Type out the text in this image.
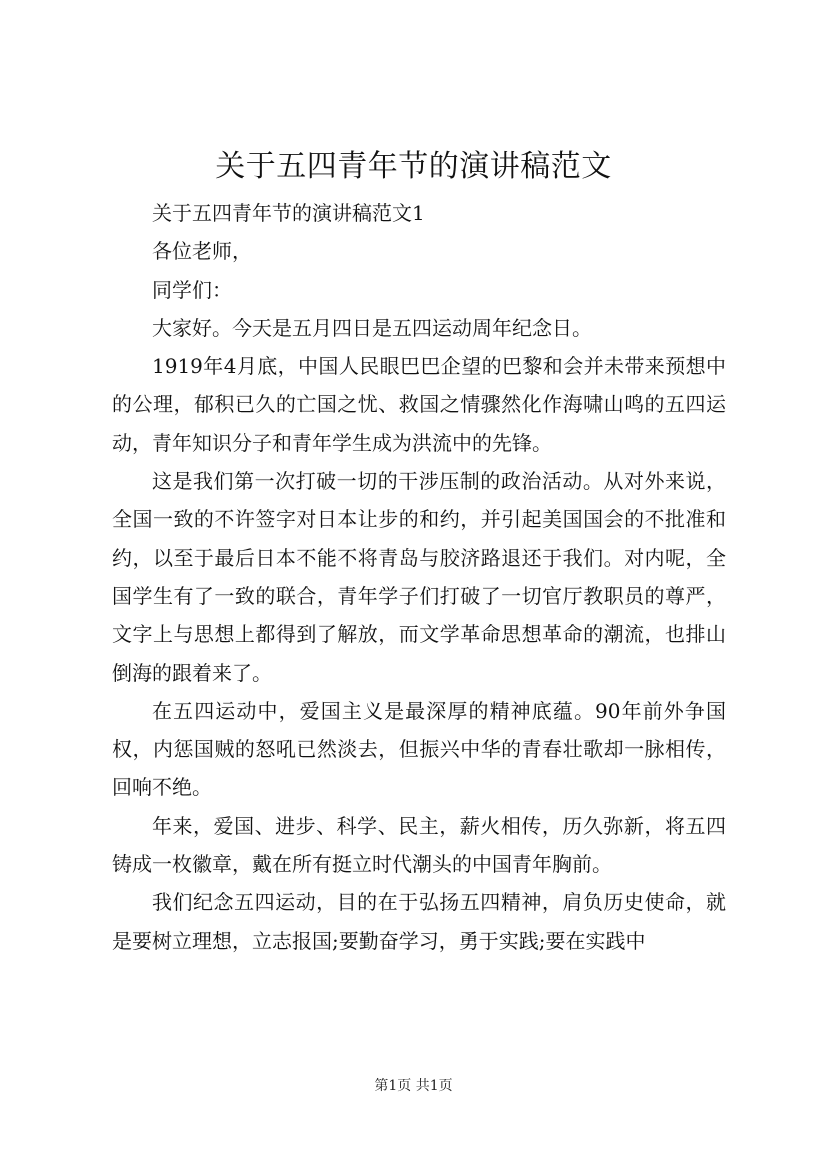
关于五四青年节的演讲稿范文

关于五四青年节的演讲稿范文1

各位老师，

同学们：

大家好。今天是五月四日是五四运动周年纪念日。

1919年4月底，中国人民眼巴巴企望的巴黎和会并未带来预想中的公理，郁积已久的亡国之忧、救国之情骤然化作海啸山鸣的五四运动，青年知识分子和青年学生成为洪流中的先锋。

这是我们第一次打破一切的干涉压制的政治活动。从对外来说，全国一致的不许签字对日本让步的和约，并引起美国国会的不批准和约，以至于最后日本不能不将青岛与胶济路退还于我们。对内呢，全国学生有了一致的联合，青年学子们打破了一切官厅教职员的尊严，文字上与思想上都得到了解放，而文学革命思想革命的潮流，也排山倒海的跟着来了。

在五四运动中，爱国主义是最深厚的精神底蕴。90年前外争国权，内惩国贼的怒吼已然淡去，但振兴中华的青春壮歌却一脉相传，回响不绝。

年来，爱国、进步、科学、民主，薪火相传，历久弥新，将五四铸成一枚徽章，戴在所有挺立时代潮头的中国青年胸前。

我们纪念五四运动，目的在于弘扬五四精神，肩负历史使命，就是要树立理想，立志报国;要勤奋学习，勇于实践;要在实践中

第1页 共1页
